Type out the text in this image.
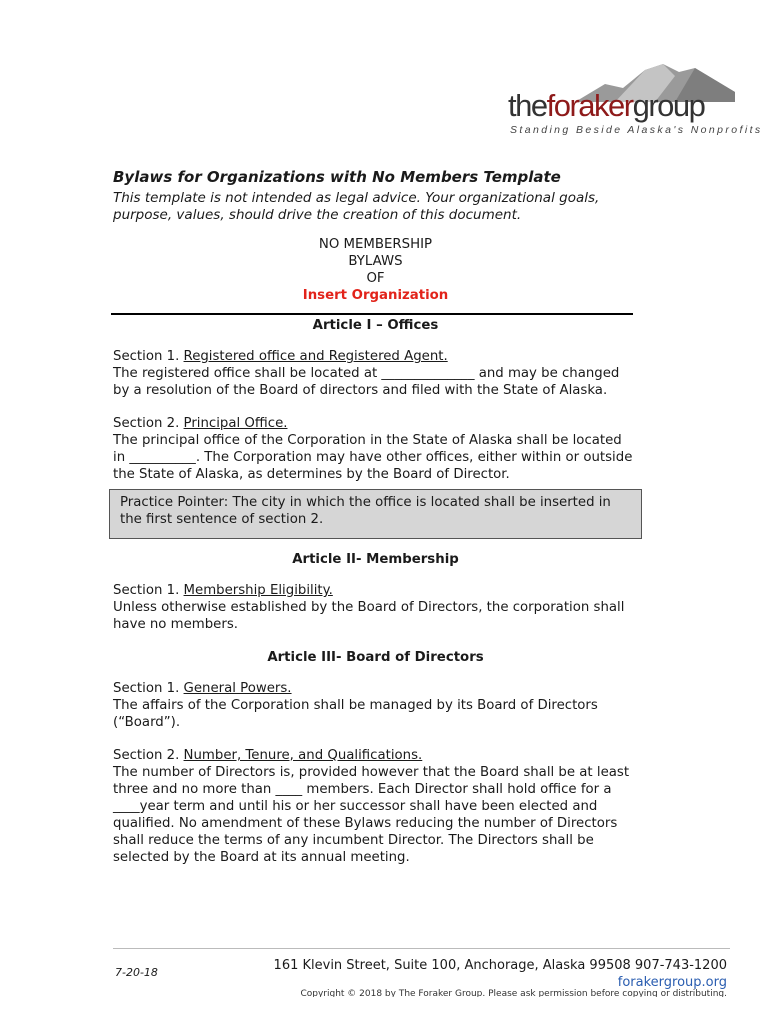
theforakergroup
Standing Beside Alaska's Nonprofits

Bylaws for Organizations with No Members Template

This template is not intended as legal advice. Your organizational goals, purpose, values, should drive the creation of this document.

NO MEMBERSHIP

BYLAWS

OF

Insert Organization

Article I – Offices

Section 1. Registered office and Registered Agent.

The registered office shall be located at ______________ and may be changed by a resolution of the Board of directors and filed with the State of Alaska.

Section 2. Principal Office.

The principal office of the Corporation in the State of Alaska shall be located in __________. The Corporation may have other offices, either within or outside the State of Alaska, as determines by the Board of Director.

Practice Pointer: The city in which the office is located shall be inserted in the first sentence of section 2.

Article II- Membership

Section 1. Membership Eligibility.

Unless otherwise established by the Board of Directors, the corporation shall have no members.

Article III- Board of Directors

Section 1. General Powers.

The affairs of the Corporation shall be managed by its Board of Directors (“Board”).

Section 2. Number, Tenure, and Qualifications.

The number of Directors is, provided however that the Board shall be at least three and no more than ____ members. Each Director shall hold office for a ____year term and until his or her successor shall have been elected and qualified. No amendment of these Bylaws reducing the number of Directors shall reduce the terms of any incumbent Director. The Directors shall be selected by the Board at its annual meeting.

7-20-18	161 Klevin Street, Suite 100, Anchorage, Alaska 99508 907-743-1200
forakergroup.org
Copyright © 2018 by The Foraker Group. Please ask permission before copying or distributing.
